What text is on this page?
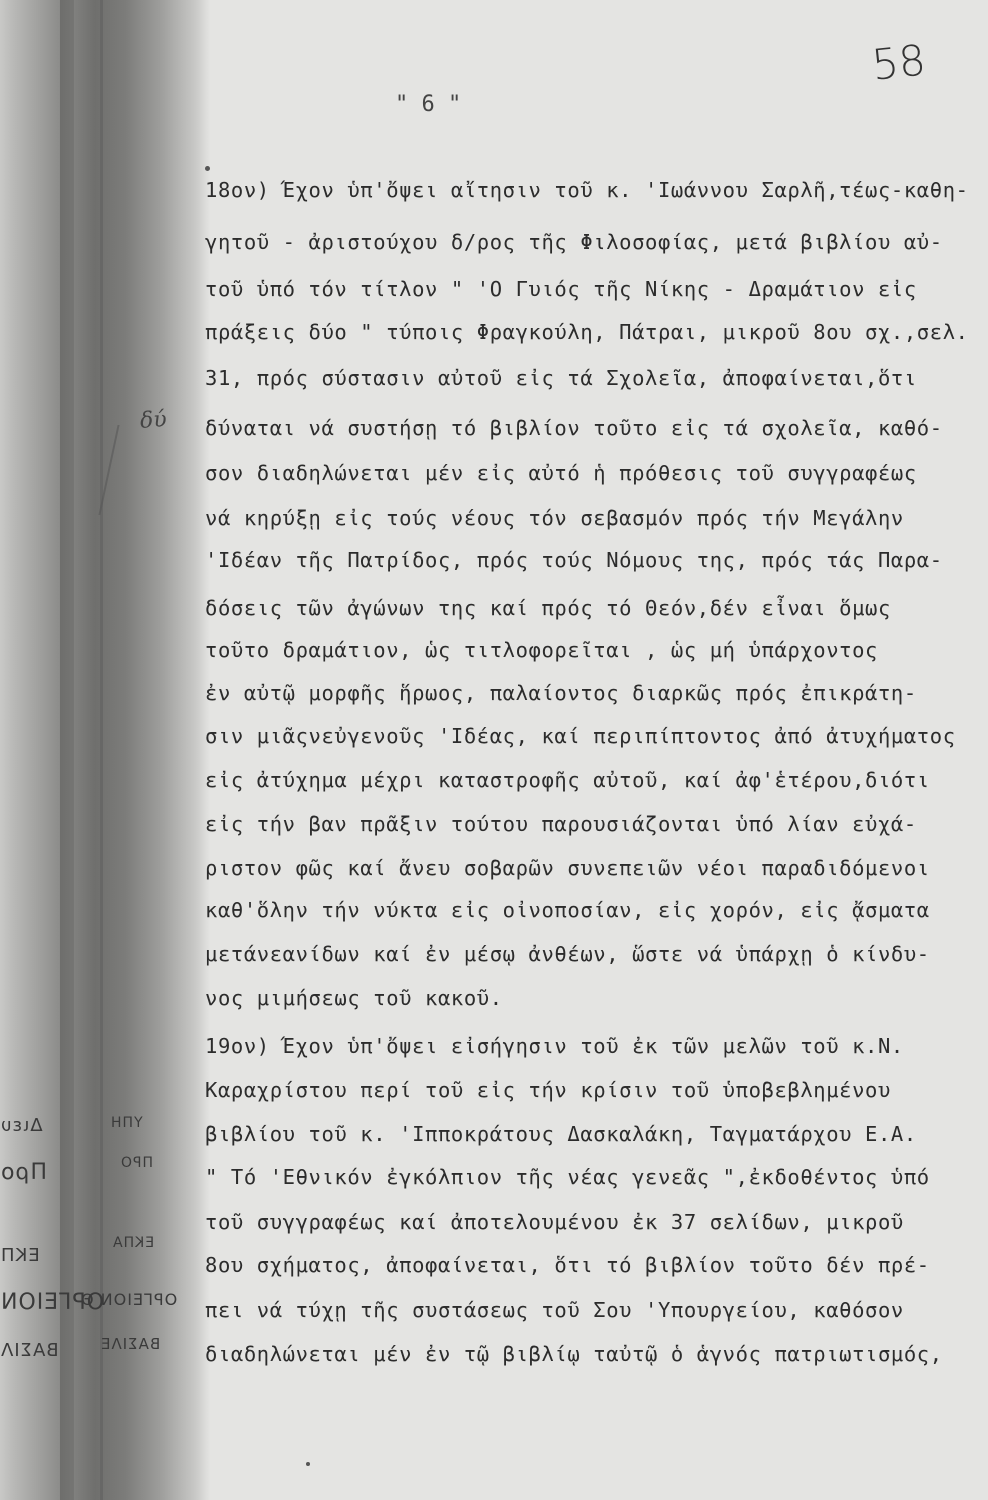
58
" 6 "
δύ
18ον) Έχον ὑπ'ὄψει αἴτησιν τοῦ κ. 'Ιωάννου Σαρλῆ,τέως-καθη-
γητοῦ - ἀριστούχου δ/ρος τῆς Φιλοσοφίας, μετά βιβλίου αὐ-
τοῦ ὑπό τόν τίτλον " 'Ο Γυιός τῆς Νίκης - Δραμάτιον εἰς
πράξεις δύο " τύποις Φραγκούλη, Πάτραι, μικροῦ 8ου σχ.,σελ.
31, πρός σύστασιν αὐτοῦ εἰς τά Σχολεῖα, ἀποφαίνεται,ὅτι
δύναται νά συστήσῃ τό βιβλίον τοῦτο εἰς τά σχολεῖα, καθό-
σον διαδηλώνεται μέν εἰς αὐτό ἡ πρόθεσις τοῦ συγγραφέως
νά κηρύξῃ εἰς τούς νέους τόν σεβασμόν πρός τήν Μεγάλην
'Ιδέαν τῆς Πατρίδος, πρός τούς Νόμους της, πρός τάς Παρα-
δόσεις τῶν ἀγώνων της καί πρός τό Θεόν,δέν εἶναι ὅμως
τοῦτο δραμάτιον, ὡς τιτλοφορεῖται , ὡς μή ὑπάρχοντος
ἐν αὐτῷ μορφῆς ἥρωος, παλαίοντος διαρκῶς πρός ἐπικράτη-
σιν μιᾶςνεὐγενοῦς 'Ιδέας, καί περιπίπτοντος ἀπό ἀτυχήματος
εἰς ἀτύχημα μέχρι καταστροφῆς αὐτοῦ, καί ἀφ'ἑτέρου,διότι
εἰς τήν βαν πρᾶξιν τούτου παρουσιάζονται ὑπό λίαν εὐχά-
ριστον φῶς καί ἄνευ σοβαρῶν συνεπειῶν νέοι παραδιδόμενοι
καθ'ὅλην τήν νύκτα εἰς οἰνοποσίαν, εἰς χορόν, εἰς ᾄσματα
μετάνεανίδων καί ἐν μέσῳ ἀνθέων, ὥστε νά ὑπάρχῃ ὁ κίνδυ-
νος μιμήσεως τοῦ κακοῦ.
19ον) Έχον ὑπ'ὄψει εἰσήγησιν τοῦ ἐκ τῶν μελῶν τοῦ κ.Ν.
Καραχρίστου περί τοῦ εἰς τήν κρίσιν τοῦ ὑποβεβλημένου
βιβλίου τοῦ κ. 'Ιπποκράτους Δασκαλάκη, Ταγματάρχου Ε.Α.
" Τό 'Εθνικόν ἐγκόλπιον τῆς νέας γενεᾶς ",ἐκδοθέντος ὑπό
τοῦ συγγραφέως καί ἀποτελουμένου ἐκ 37 σελίδων, μικροῦ
8ου σχήματος, ἀποφαίνεται, ὅτι τό βιβλίον τοῦτο δέν πρέ-
πει νά τύχῃ τῆς συστάσεως τοῦ Σου 'Υπουργείου, καθόσον
διαδηλώνεται μέν ἐν τῷ βιβλίῳ ταὐτῷ ὁ ἁγνός πατριωτισμός,
Διευ
Προ
ΕΚΠ
ΟΡΓΕΙΟΝ
ΒΑΣΙΛ
ΥΠΗ
ΠΡΟ
ΕΚΠΑ
ΟΡΓΕΙΟΝ Θ
ΒΑΣΙΛΕ
